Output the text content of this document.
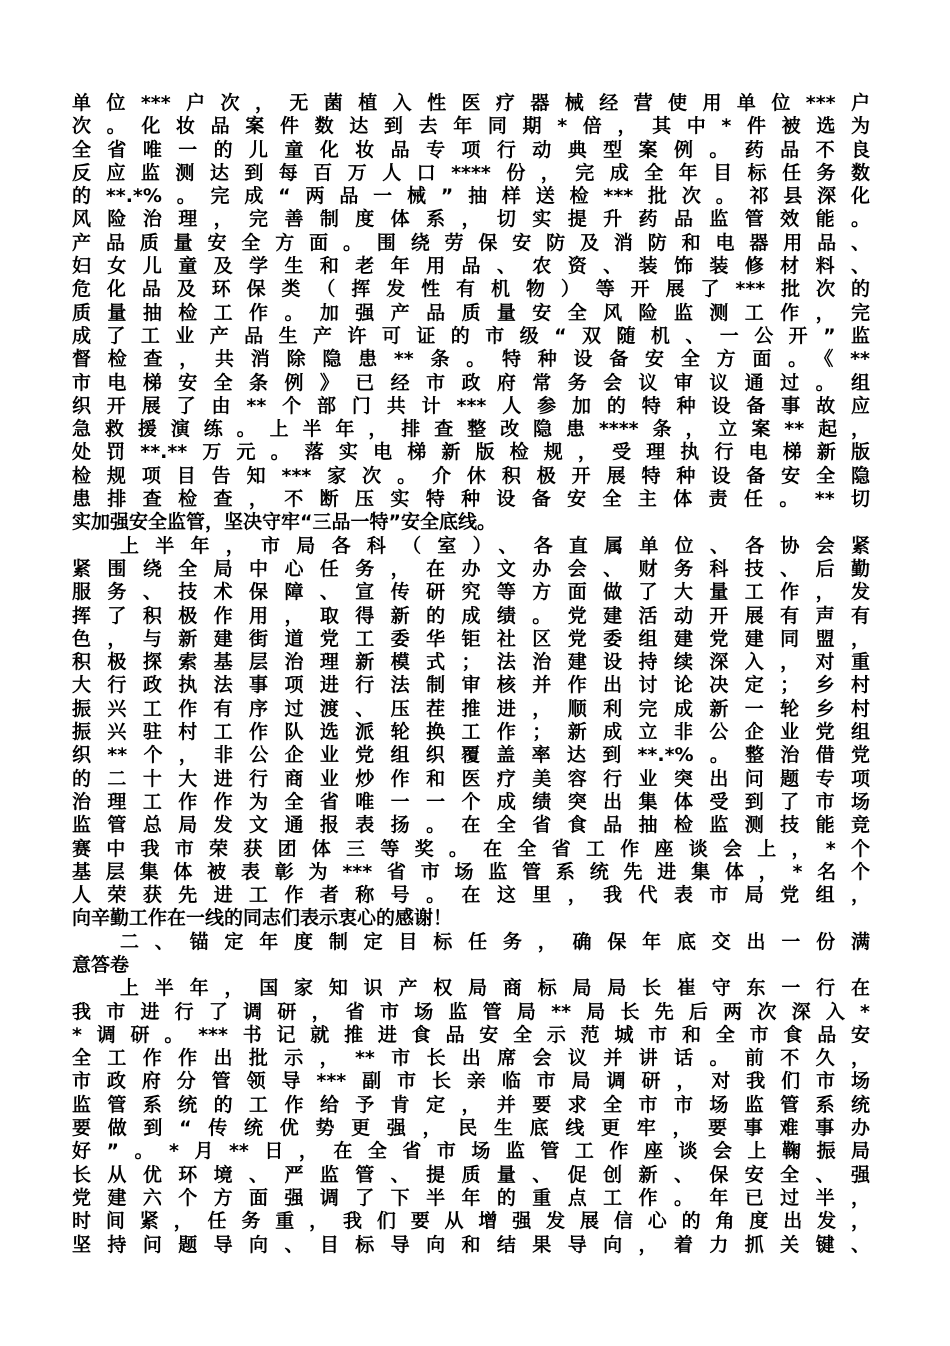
单位***户次，无菌植入性医疗器械经营使用单位***户
次。化妆品案件数达到去年同期*倍，其中*件被选为
全省唯一的儿童化妆品专项行动典型案例。药品不良
反应监测达到每百万人口****份，完成全年目标任务数
的**.*%。完成“两品一械”抽样送检***批次。祁县深化
风险治理，完善制度体系，切实提升药品监管效能。
产品质量安全方面。围绕劳保安防及消防和电器用品、
妇女儿童及学生和老年用品、农资、装饰装修材料、
危化品及环保类（挥发性有机物）等开展了***批次的
质量抽检工作。加强产品质量安全风险监测工作，完
成了工业产品生产许可证的市级“双随机、一公开”监
督检查，共消除隐患**条。特种设备安全方面。《**
市电梯安全条例》已经市政府常务会议审议通过。组
织开展了由**个部门共计***人参加的特种设备事故应
急救援演练。上半年，排查整改隐患****条，立案**起，
处罚**.**万元。落实电梯新版检规，受理执行电梯新版
检规项目告知***家次。介休积极开展特种设备安全隐
患排查检查，不断压实特种设备安全主体责任。**切
实加强安全监管，坚决守牢“三品一特”安全底线。
上半年，市局各科（室）、各直属单位、各协会紧
紧围绕全局中心任务，在办文办会、财务科技、后勤
服务、技术保障、宣传研究等方面做了大量工作，发
挥了积极作用，取得新的成绩。党建活动开展有声有
色，与新建街道党工委华钜社区党委组建党建同盟，
积极探索基层治理新模式；法治建设持续深入，对重
大行政执法事项进行法制审核并作出讨论决定；乡村
振兴工作有序过渡、压茬推进，顺利完成新一轮乡村
振兴驻村工作队选派轮换工作；新成立非公企业党组
织**个，非公企业党组织覆盖率达到**.*%。整治借党
的二十大进行商业炒作和医疗美容行业突出问题专项
治理工作作为全省唯一一个成绩突出集体受到了市场
监管总局发文通报表扬。在全省食品抽检监测技能竞
赛中我市荣获团体三等奖。在全省工作座谈会上，*个
基层集体被表彰为***省市场监管系统先进集体，*名个
人荣获先进工作者称号。在这里，我代表市局党组，
向辛勤工作在一线的同志们表示衷心的感谢！
二、锚定年度制定目标任务，确保年底交出一份满
意答卷
上半年，国家知识产权局商标局局长崔守东一行在
我市进行了调研，省市场监管局**局长先后两次深入*
*调研。***书记就推进食品安全示范城市和全市食品安
全工作作出批示，**市长出席会议并讲话。前不久，
市政府分管领导***副市长亲临市局调研，对我们市场
监管系统的工作给予肯定，并要求全市市场监管系统
要做到“传统优势更强，民生底线更牢，要事难事办
好”。*月**日，在全省市场监管工作座谈会上鞠振局
长从优环境、严监管、提质量、促创新、保安全、强
党建六个方面强调了下半年的重点工作。年已过半，
时间紧，任务重，我们要从增强发展信心的角度出发，
坚持问题导向、目标导向和结果导向，着力抓关键、
